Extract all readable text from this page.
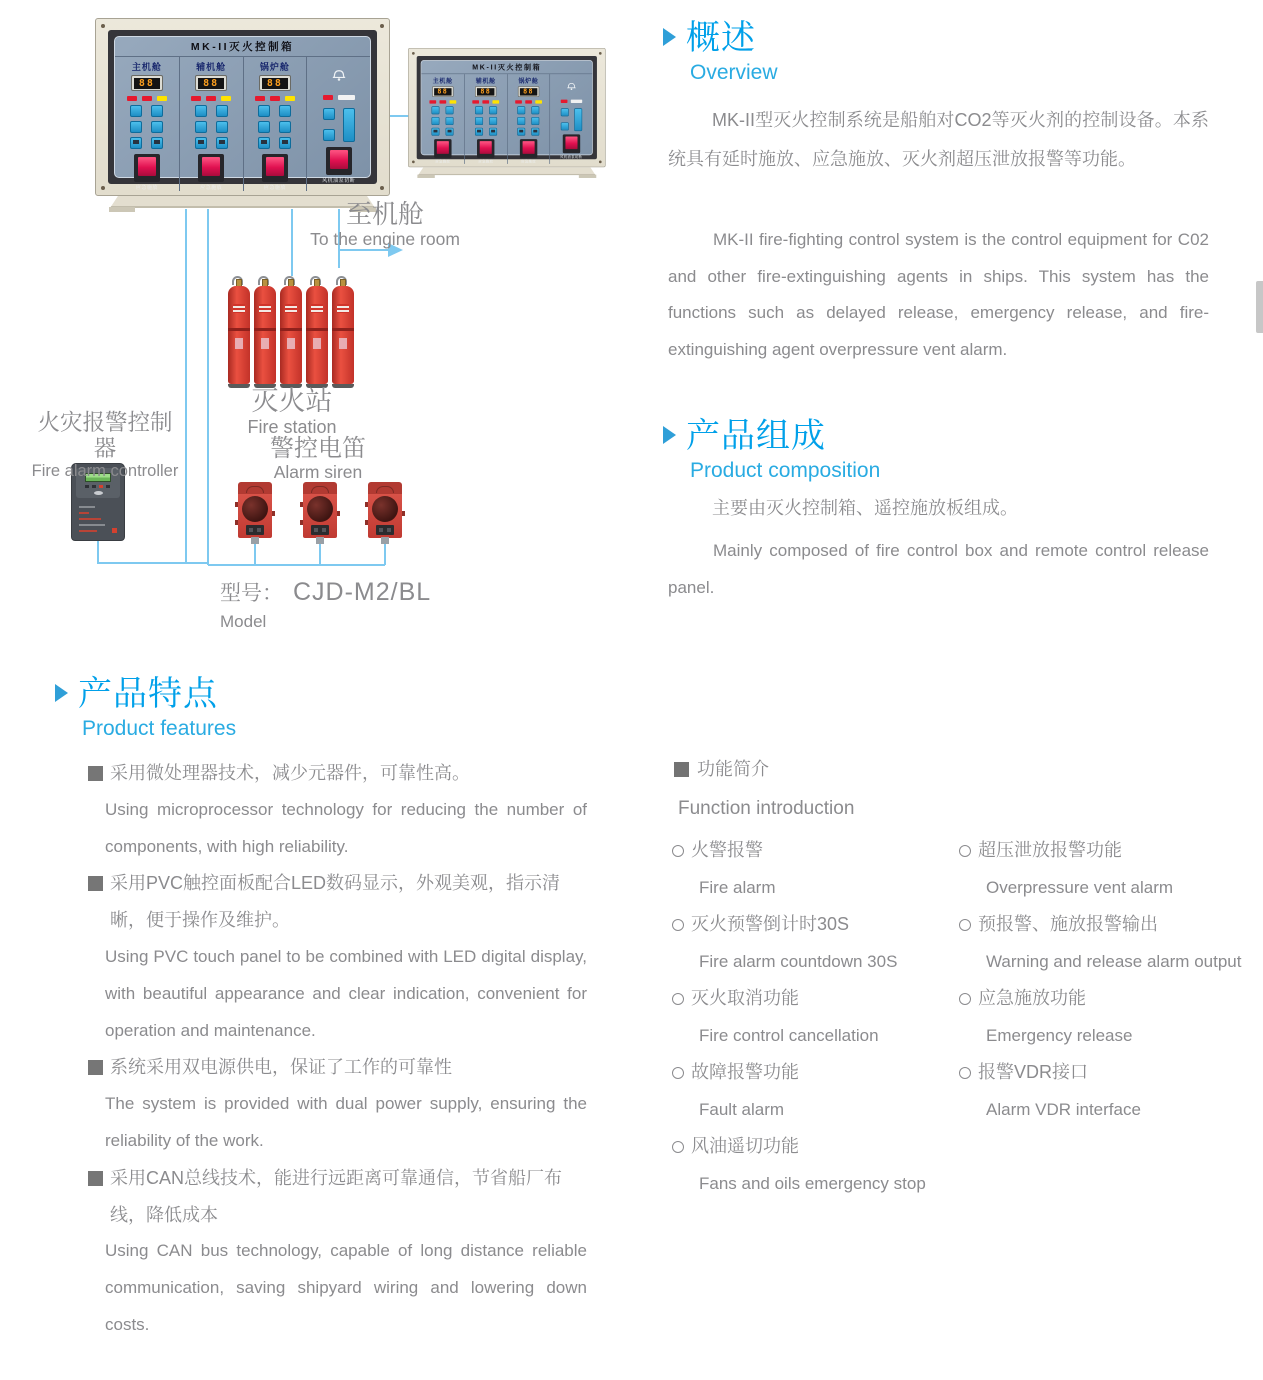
MK-II灭火控制箱
主机舱
88
应急施放
辅机舱
88
应急施放
锅炉舱
88
应急施放
风机油泵切断
MK-II灭火控制箱
主机舱
88
应急施放
辅机舱
88
应急施放
锅炉舱
88
应急施放
风机油泵切断
至机舱
To the engine room
灭火站
Fire station
警控电笛
Alarm siren
火灾报警控制器
Fire alarm controller
型号： CJD-M2/BL
Model
概述
Overview
MK-II型灭火控制系统是船舶对CO2等灭火剂的控制设备。本系统具有延时施放、应急施放、灭火剂超压泄放报警等功能。
MK-II fire-fighting control system is the control equipment for C02 and other fire-extinguishing agents in ships. This system has the functions such as delayed release, emergency release, and fire-extinguishing agent overpressure vent alarm.
产品组成
Product composition
主要由灭火控制箱、遥控施放板组成。
Mainly composed of fire control box and remote control release panel.
产品特点
Product features
采用微处理器技术，减少元器件，可靠性高。
Using microprocessor technology for reducing the number of components, with high reliability.
采用PVC触控面板配合LED数码显示，外观美观，指示清晰，便于操作及维护。
Using PVC touch panel to be combined with LED digital display, with beautiful appearance and clear indication, convenient for operation and maintenance.
系统采用双电源供电，保证了工作的可靠性
The system is provided with dual power supply, ensuring the reliability of the work.
采用CAN总线技术，能进行远距离可靠通信，节省船厂布线，降低成本
Using CAN bus technology, capable of long distance reliable communication, saving shipyard wiring and lowering down costs.
功能简介
Function introduction
火警报警
Fire alarm
灭火预警倒计时30S
Fire alarm countdown 30S
灭火取消功能
Fire control cancellation
故障报警功能
Fault alarm
风油遥切功能
Fans and oils emergency stop
超压泄放报警功能
Overpressure vent alarm
预报警、施放报警输出
Warning and release alarm output
应急施放功能
Emergency release
报警VDR接口
Alarm VDR interface
